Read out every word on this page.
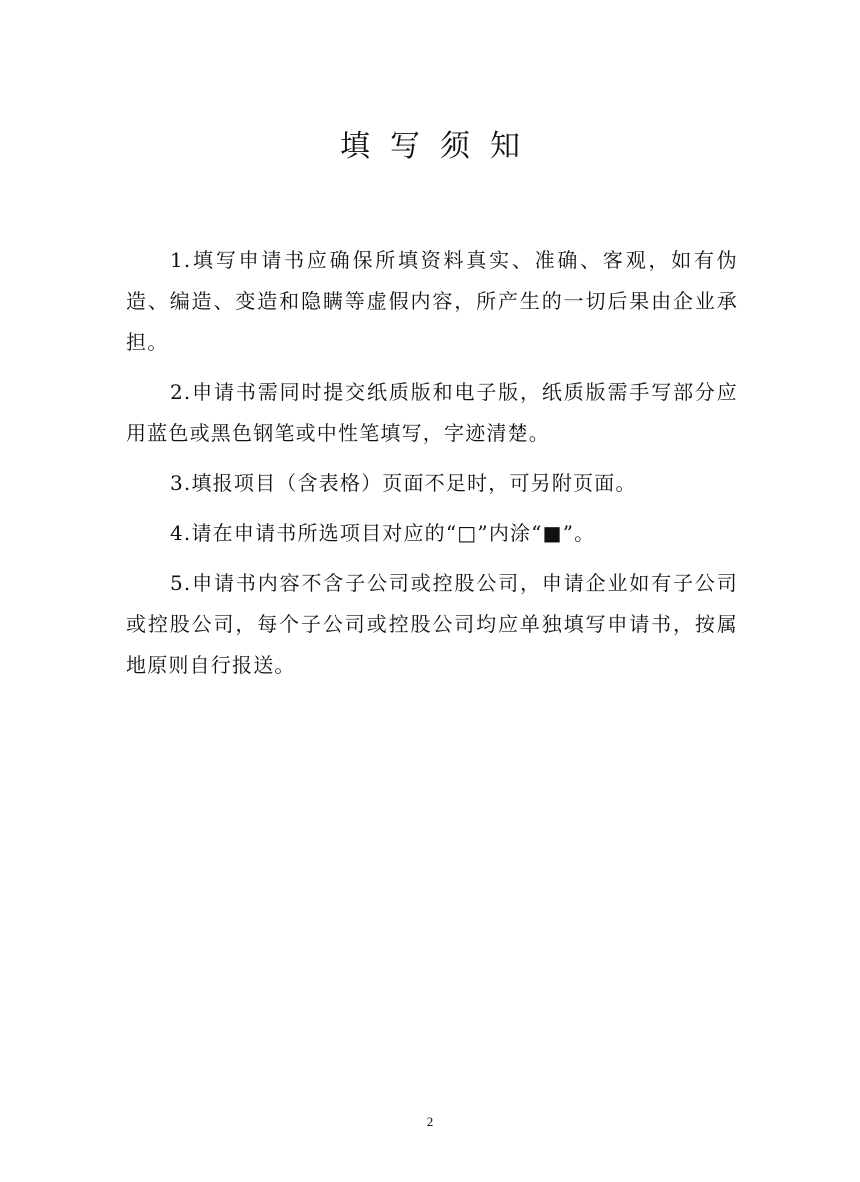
填写须知

1.填写申请书应确保所填资料真实、准确、客观，如有伪造、编造、变造和隐瞒等虚假内容，所产生的一切后果由企业承担。

2.申请书需同时提交纸质版和电子版，纸质版需手写部分应用蓝色或黑色钢笔或中性笔填写，字迹清楚。

3.填报项目（含表格）页面不足时，可另附页面。

4.请在申请书所选项目对应的“□”内涂“■”。

5.申请书内容不含子公司或控股公司，申请企业如有子公司或控股公司，每个子公司或控股公司均应单独填写申请书，按属地原则自行报送。

2
